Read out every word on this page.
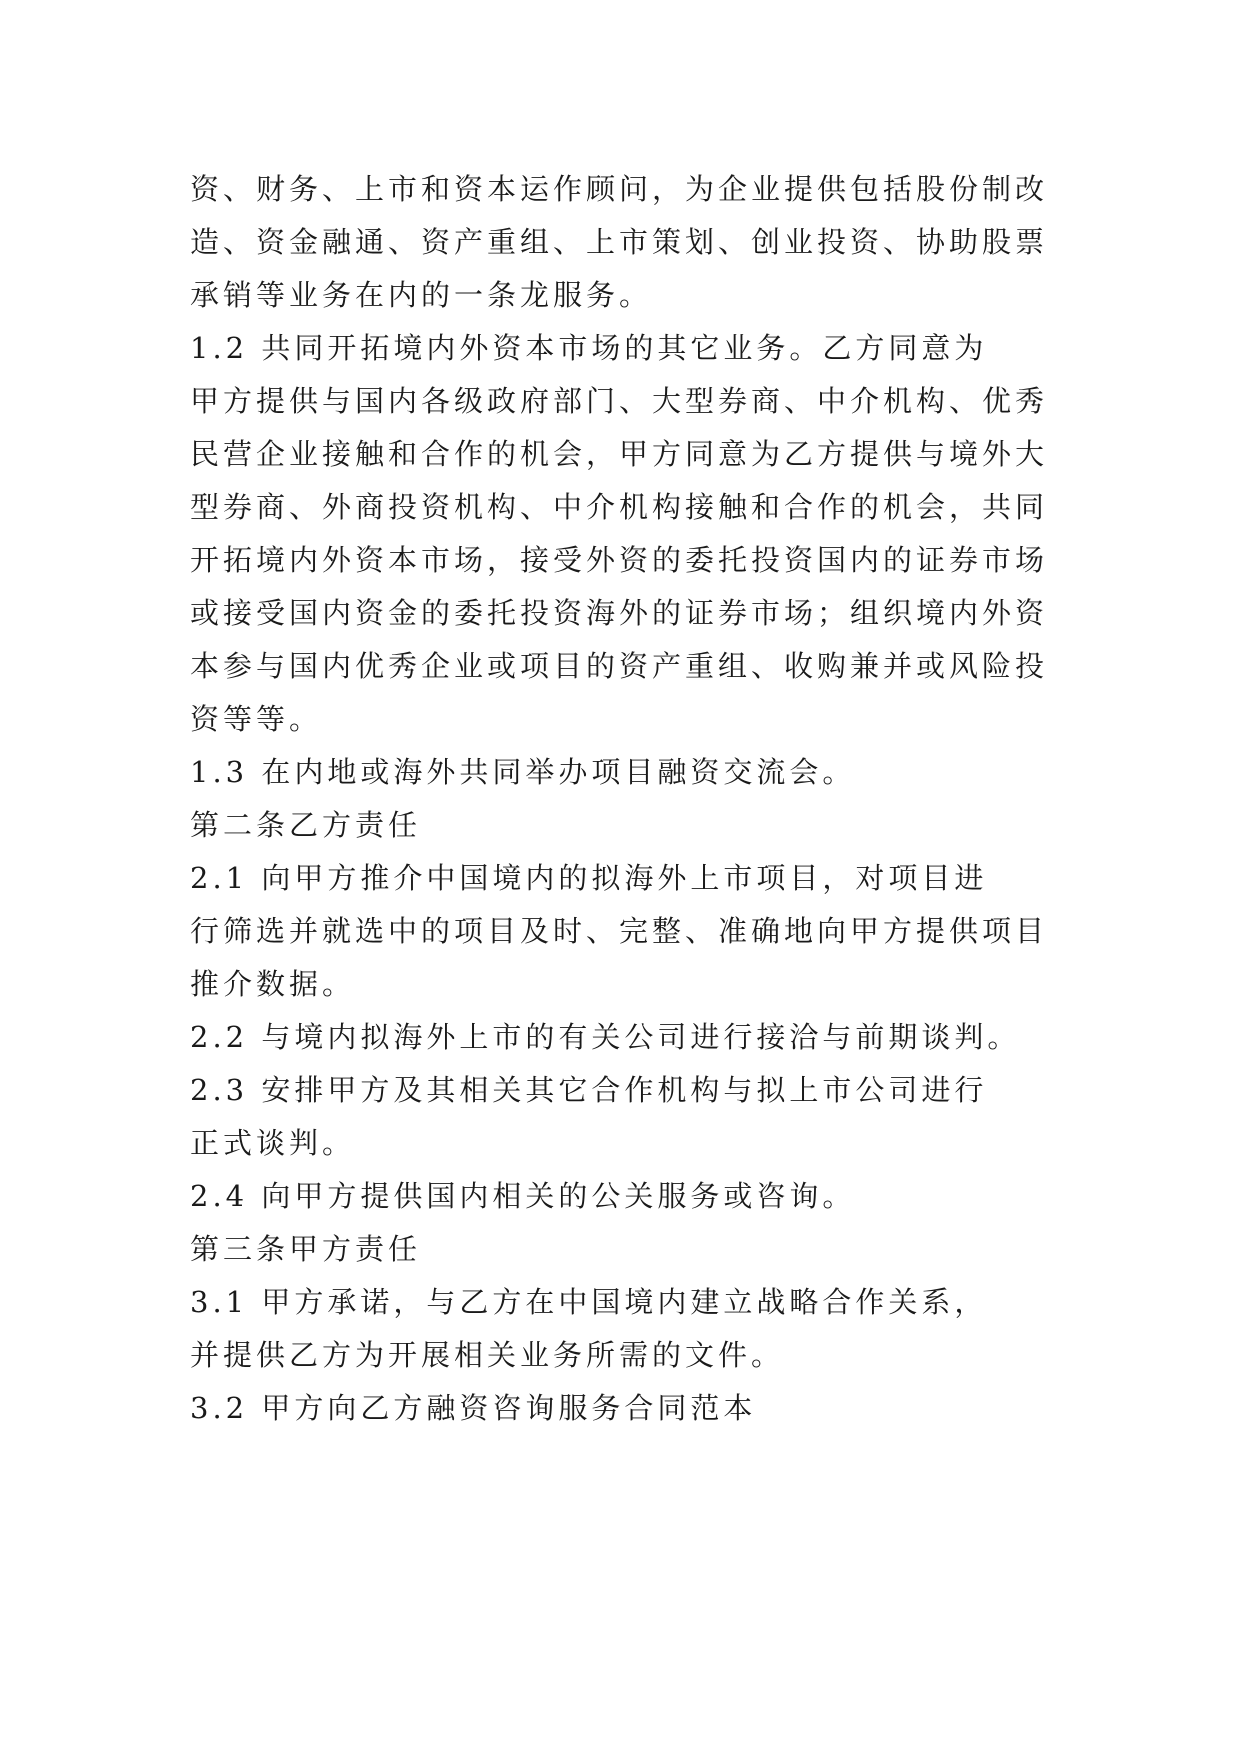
资、财务、上市和资本运作顾问，为企业提供包括股份制改

造、资金融通、资产重组、上市策划、创业投资、协助股票

承销等业务在内的一条龙服务。

1.2 共同开拓境内外资本市场的其它业务。乙方同意为

甲方提供与国内各级政府部门、大型券商、中介机构、优秀

民营企业接触和合作的机会，甲方同意为乙方提供与境外大

型券商、外商投资机构、中介机构接触和合作的机会，共同

开拓境内外资本市场，接受外资的委托投资国内的证券市场

或接受国内资金的委托投资海外的证券市场；组织境内外资

本参与国内优秀企业或项目的资产重组、收购兼并或风险投

资等等。

1.3 在内地或海外共同举办项目融资交流会。

第二条乙方责任

2.1 向甲方推介中国境内的拟海外上市项目，对项目进

行筛选并就选中的项目及时、完整、准确地向甲方提供项目

推介数据。

2.2 与境内拟海外上市的有关公司进行接洽与前期谈判。

2.3 安排甲方及其相关其它合作机构与拟上市公司进行

正式谈判。

2.4 向甲方提供国内相关的公关服务或咨询。

第三条甲方责任

3.1 甲方承诺，与乙方在中国境内建立战略合作关系，

并提供乙方为开展相关业务所需的文件。

3.2 甲方向乙方融资咨询服务合同范本
